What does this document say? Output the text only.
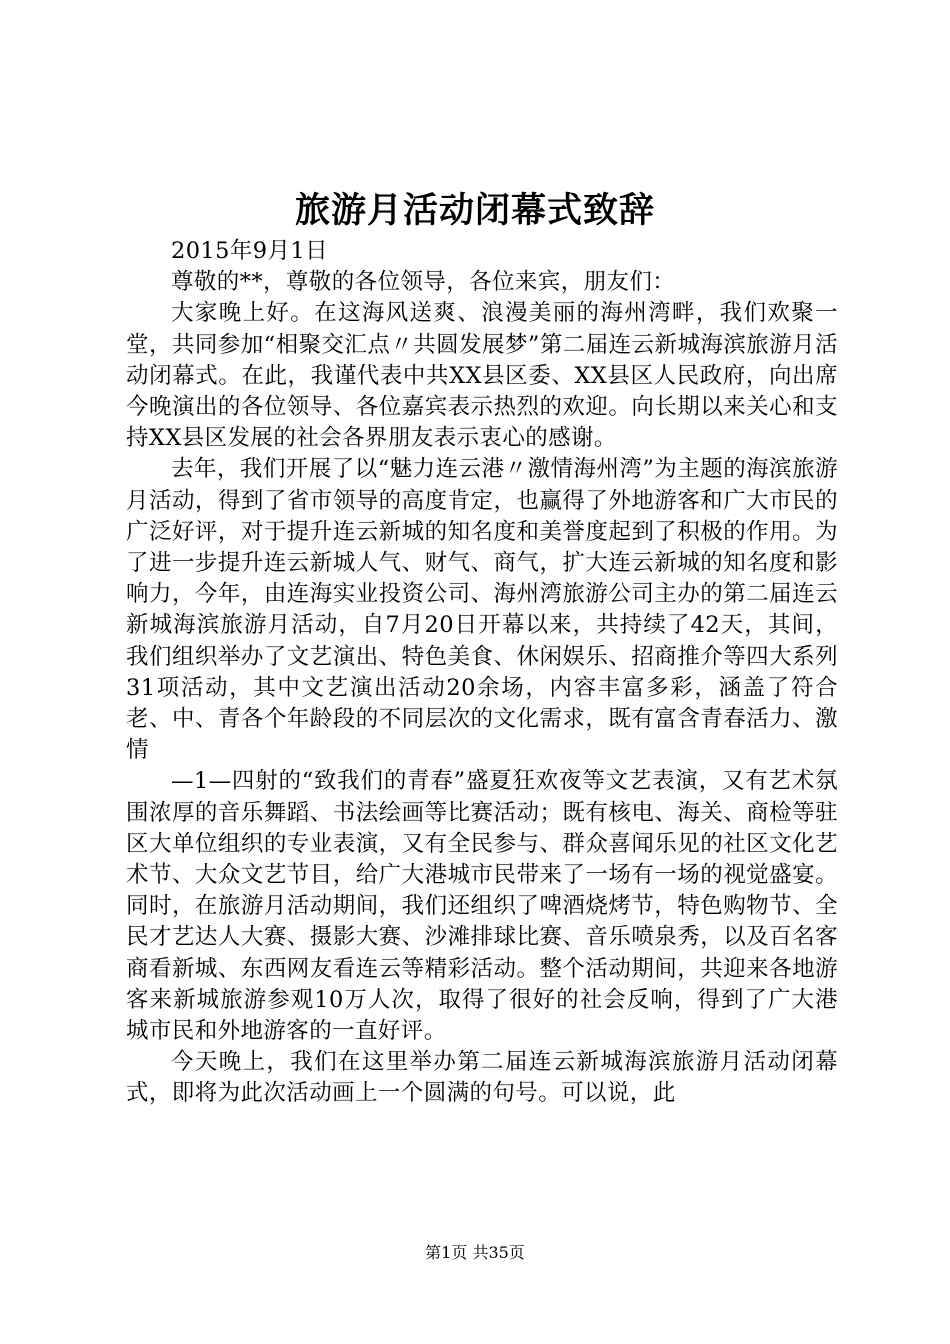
旅游月活动闭幕式致辞

2015年9月1日

尊敬的**，尊敬的各位领导，各位来宾，朋友们：

大家晚上好。在这海风送爽、浪漫美丽的海州湾畔，我们欢聚一堂，共同参加“相聚交汇点〃共圆发展梦”第二届连云新城海滨旅游月活动闭幕式。在此，我谨代表中共XX县区委、XX县区人民政府，向出席今晚演出的各位领导、各位嘉宾表示热烈的欢迎。向长期以来关心和支持XX县区发展的社会各界朋友表示衷心的感谢。

去年，我们开展了以“魅力连云港〃激情海州湾”为主题的海滨旅游月活动，得到了省市领导的高度肯定，也赢得了外地游客和广大市民的广泛好评，对于提升连云新城的知名度和美誉度起到了积极的作用。为了进一步提升连云新城人气、财气、商气，扩大连云新城的知名度和影响力，今年，由连海实业投资公司、海州湾旅游公司主办的第二届连云新城海滨旅游月活动，自7月20日开幕以来，共持续了42天，其间，我们组织举办了文艺演出、特色美食、休闲娱乐、招商推介等四大系列31项活动，其中文艺演出活动20余场，内容丰富多彩，涵盖了符合老、中、青各个年龄段的不同层次的文化需求，既有富含青春活力、激情

—1—四射的“致我们的青春”盛夏狂欢夜等文艺表演，又有艺术氛围浓厚的音乐舞蹈、书法绘画等比赛活动；既有核电、海关、商检等驻区大单位组织的专业表演，又有全民参与、群众喜闻乐见的社区文化艺术节、大众文艺节目，给广大港城市民带来了一场有一场的视觉盛宴。同时，在旅游月活动期间，我们还组织了啤酒烧烤节，特色购物节、全民才艺达人大赛、摄影大赛、沙滩排球比赛、音乐喷泉秀，以及百名客商看新城、东西网友看连云等精彩活动。整个活动期间，共迎来各地游客来新城旅游参观10万人次，取得了很好的社会反响，得到了广大港城市民和外地游客的一直好评。

今天晚上，我们在这里举办第二届连云新城海滨旅游月活动闭幕式，即将为此次活动画上一个圆满的句号。可以说，此

第1页 共35页
